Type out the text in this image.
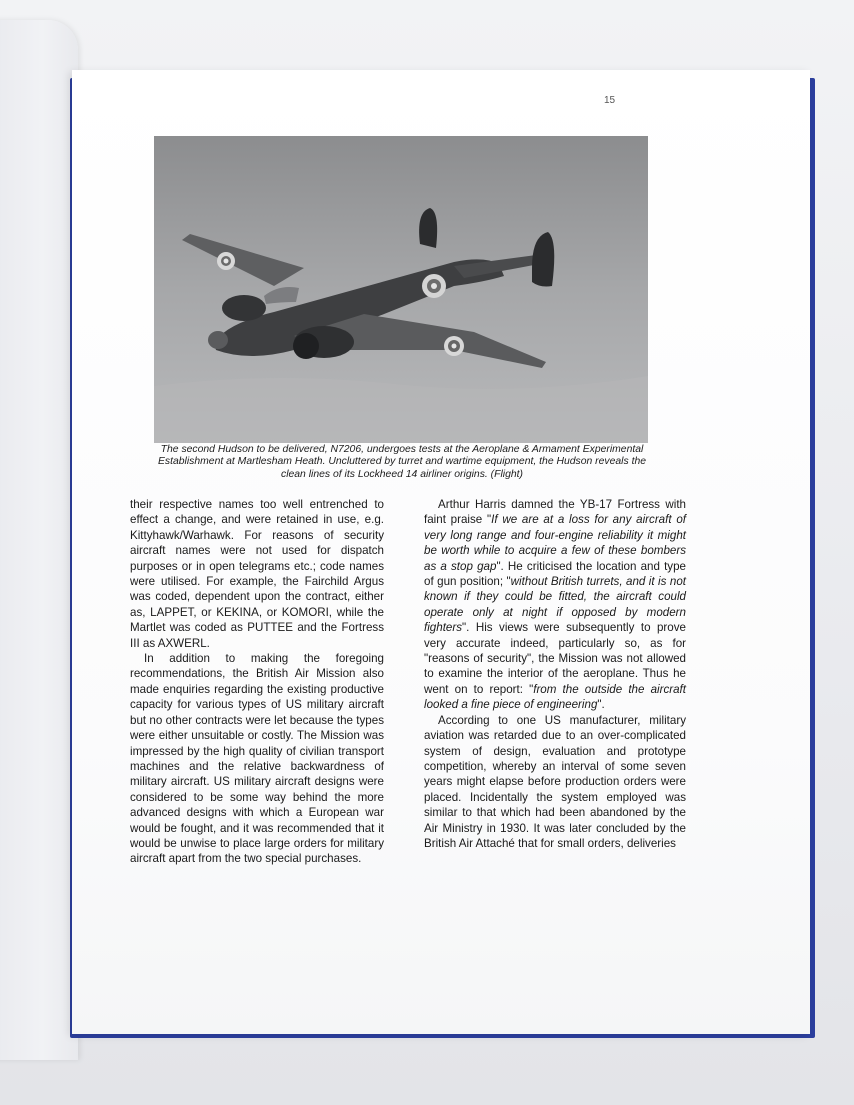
15
The second Hudson to be delivered, N7206, undergoes tests at the Aeroplane & Armament Experimental Establishment at Martlesham Heath. Uncluttered by turret and wartime equipment, the Hudson reveals the clean lines of its Lockheed 14 airliner origins. (Flight)

their respective names too well entrenched to effect a change, and were retained in use, e.g. Kittyhawk/Warhawk. For reasons of security aircraft names were not used for dispatch purposes or in open telegrams etc.; code names were utilised. For example, the Fairchild Argus was coded, dependent upon the contract, either as, LAPPET, or KEKINA, or KOMORI, while the Martlet was coded as PUTTEE and the Fortress III as AXWERL.

In addition to making the foregoing recommendations, the British Air Mission also made enquiries regarding the existing productive capacity for various types of US military aircraft but no other contracts were let because the types were either unsuitable or costly. The Mission was impressed by the high quality of civilian transport machines and the relative backwardness of military aircraft. US military aircraft designs were considered to be some way behind the more advanced designs with which a European war would be fought, and it was recommended that it would be unwise to place large orders for military aircraft apart from the two special purchases.

Arthur Harris damned the YB-17 Fortress with faint praise "If we are at a loss for any aircraft of very long range and four-engine reliability it might be worth while to acquire a few of these bombers as a stop gap". He criticised the location and type of gun position; "without British turrets, and it is not known if they could be fitted, the aircraft could operate only at night if opposed by modern fighters". His views were subsequently to prove very accurate indeed, particularly so, as for "reasons of security", the Mission was not allowed to examine the interior of the aeroplane. Thus he went on to report: "from the outside the aircraft looked a fine piece of engineering".

According to one US manufacturer, military aviation was retarded due to an over-complicated system of design, evaluation and prototype competition, whereby an interval of some seven years might elapse before production orders were placed. Incidentally the system employed was similar to that which had been abandoned by the Air Ministry in 1930. It was later concluded by the British Air Attaché that for small orders, deliveries
